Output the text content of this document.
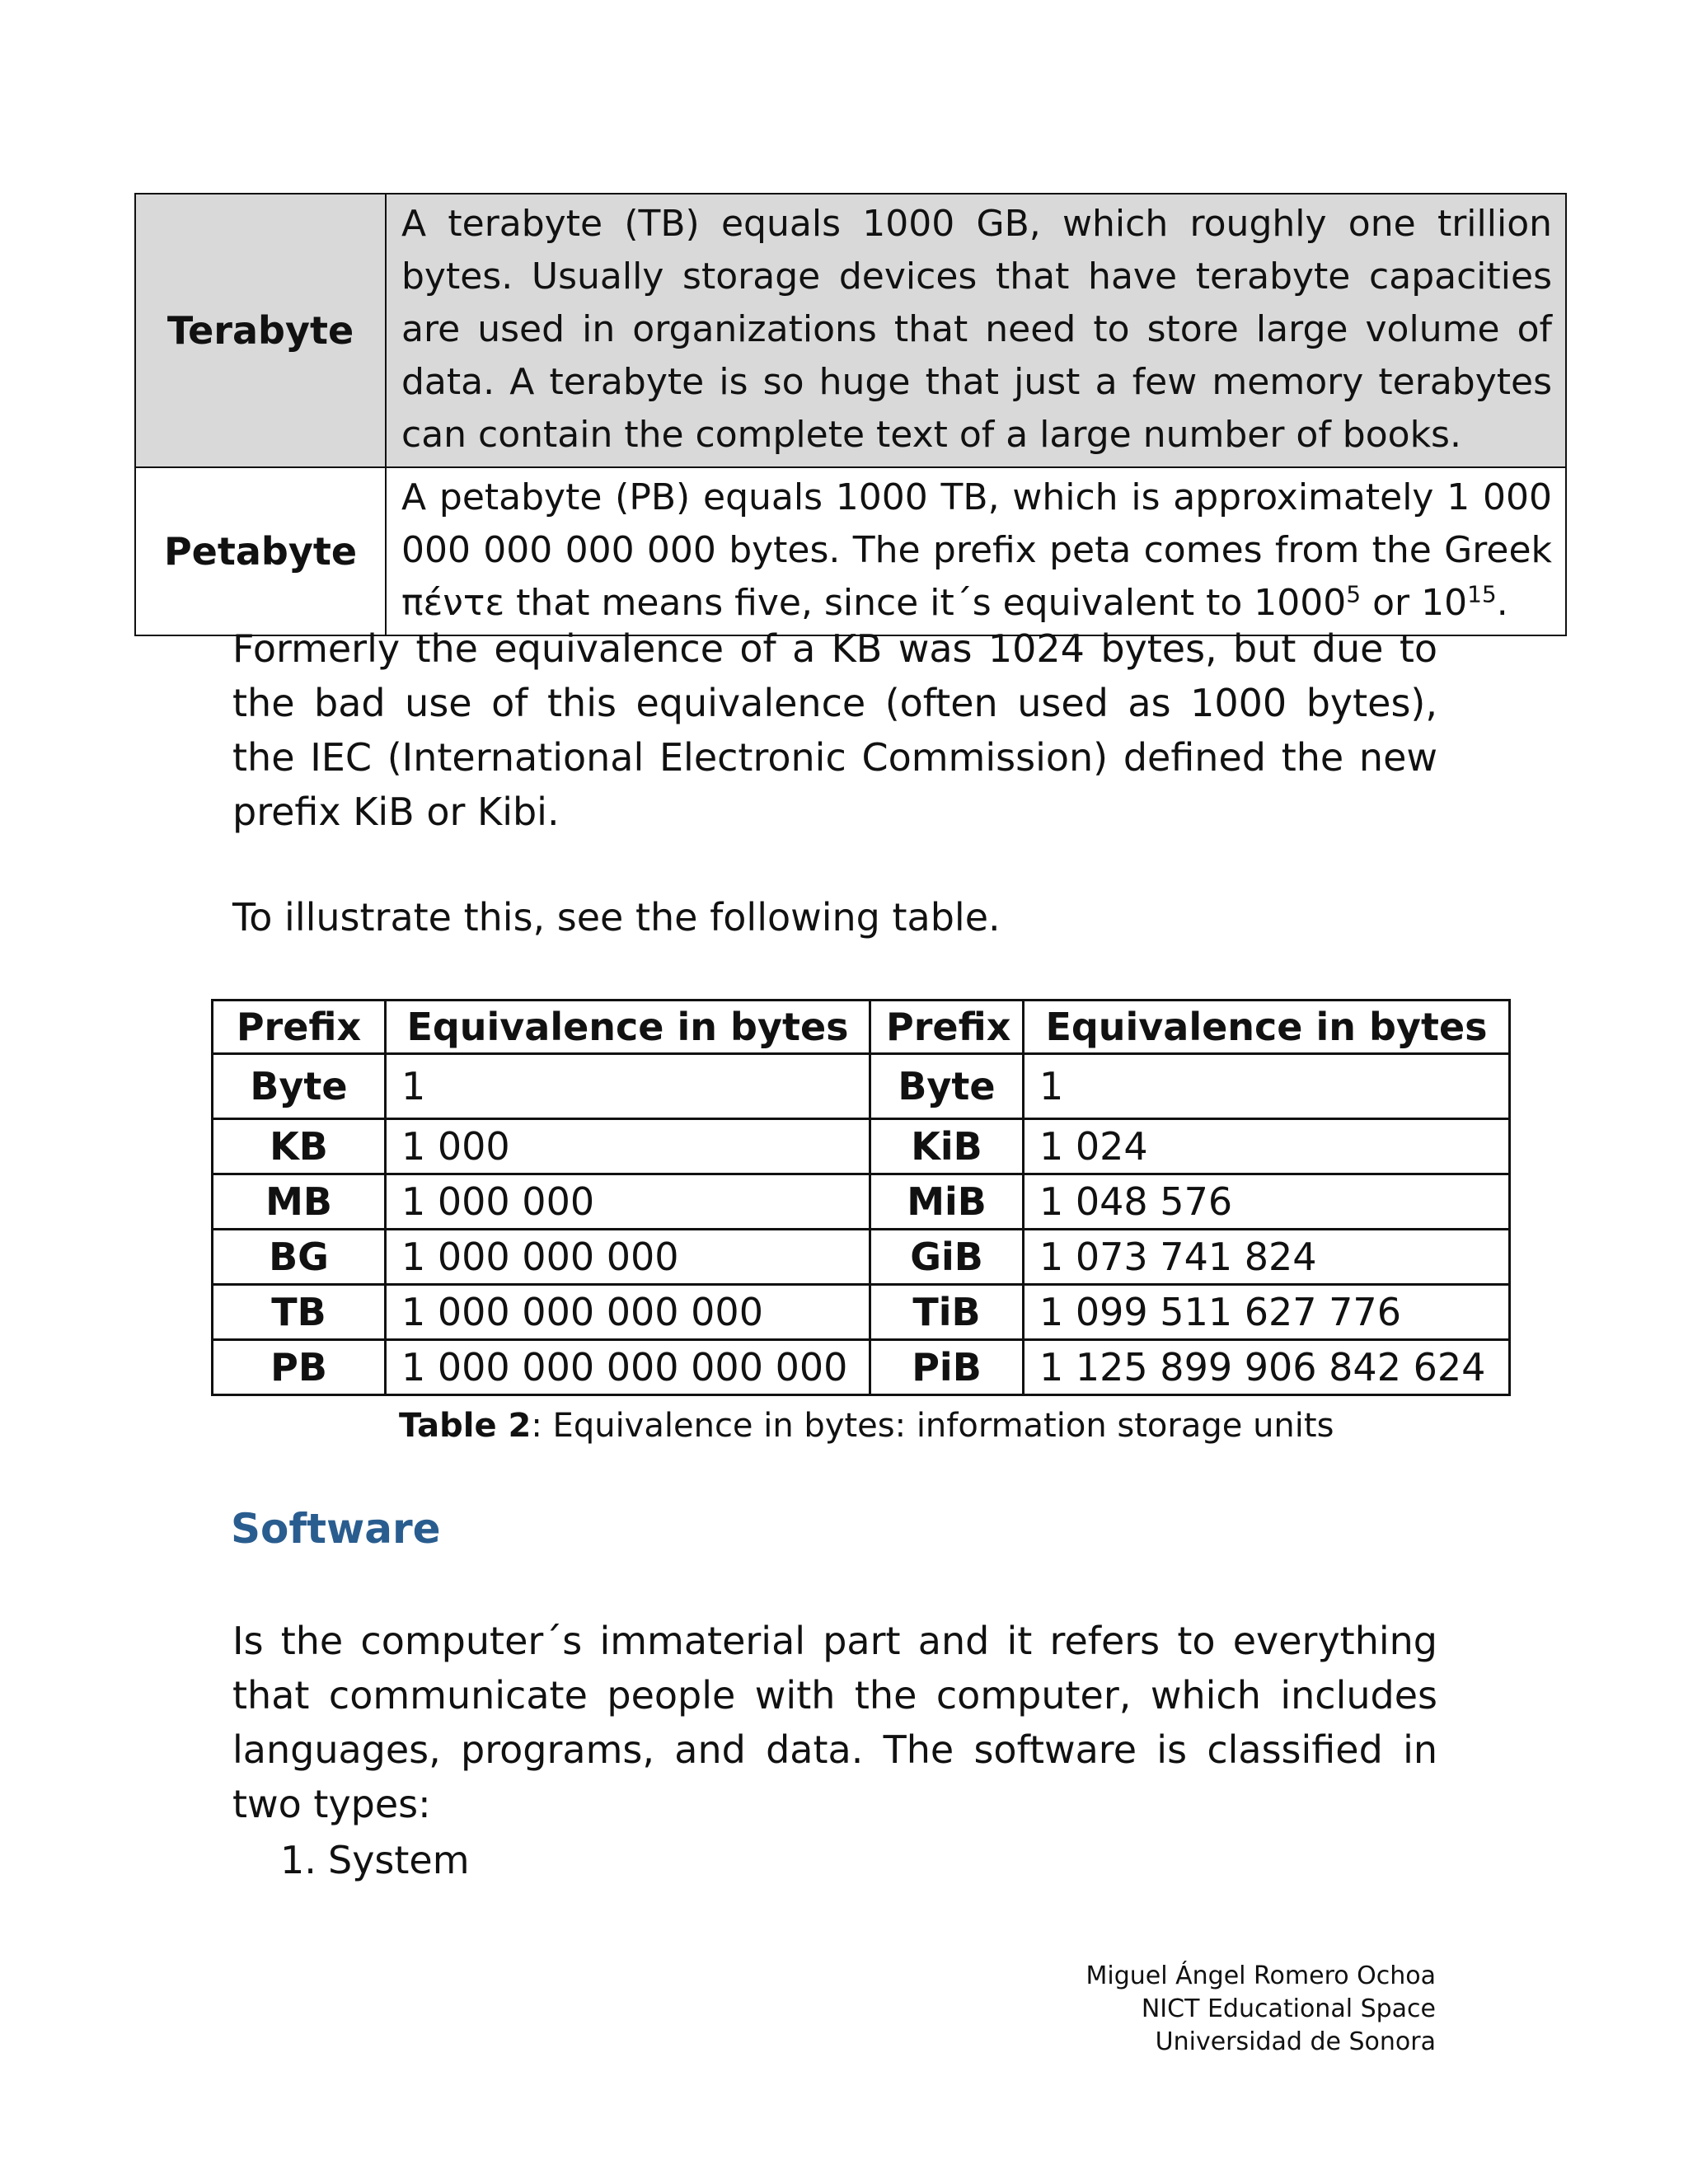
Terabyte	A terabyte (TB) equals 1000 GB, which roughly one trillion bytes. Usually storage devices that have terabyte capacities are used in organizations that need to store large volume of data. A terabyte is so huge that just a few memory terabytes can contain the complete text of a large number of books.
Petabyte	A petabyte (PB) equals 1000 TB, which is approximately 1 000 000 000 000 000 bytes. The prefix peta comes from the Greek πέντε that means five, since it´s equivalent to 1000$^5$ or $10^{15}$.

Formerly the equivalence of a KB was 1024 bytes, but due to the bad use of this equivalence (often used as 1000 bytes), the IEC (International Electronic Commission) defined the new prefix KiB or Kibi.

To illustrate this, see the following table.

Prefix	Equivalence in bytes	Prefix	Equivalence in bytes
Byte	1	Byte	1
KB	1 000	KiB	1 024
MB	1 000 000	MiB	1 048 576
BG	1 000 000 000	GiB	1 073 741 824
TB	1 000 000 000 000	TiB	1 099 511 627 776
PB	1 000 000 000 000 000	PiB	1 125 899 906 842 624
Table 2: Equivalence in bytes: information storage units
Software

Is the computer´s immaterial part and it refers to everything that communicate people with the computer, which includes languages, programs, and data. The software is classified in two types:

1. System
Miguel Ángel Romero Ochoa
NICT Educational Space
Universidad de Sonora
